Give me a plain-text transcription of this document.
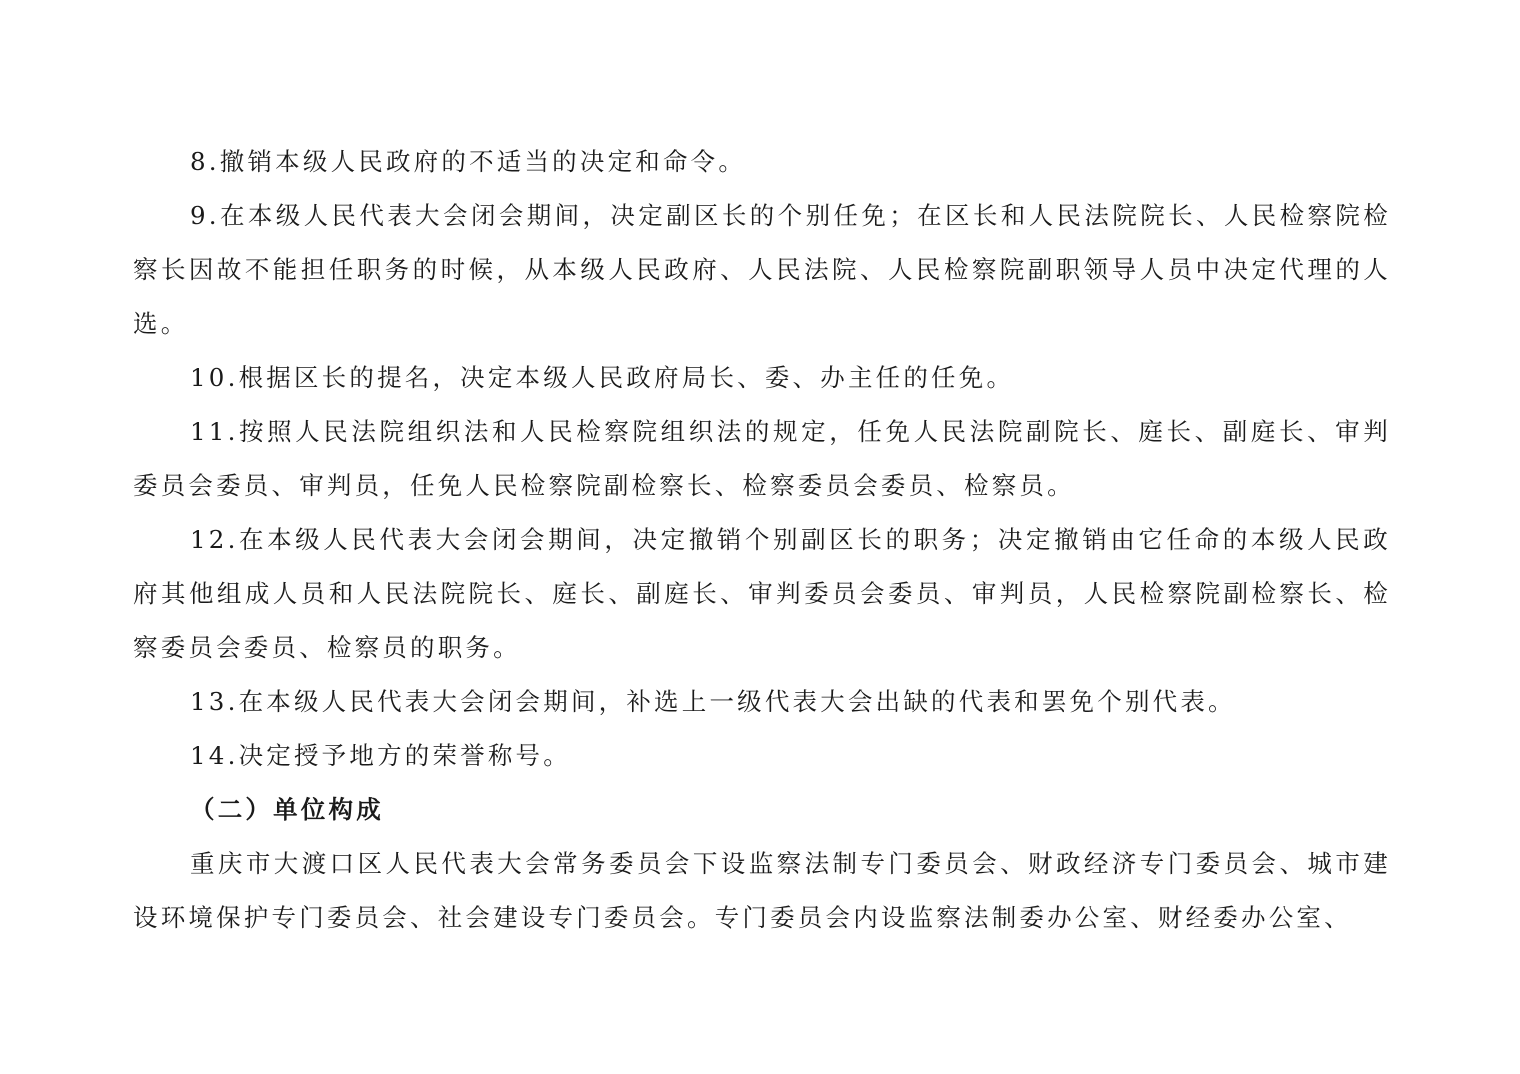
8.撤销本级人民政府的不适当的决定和命令。

9.在本级人民代表大会闭会期间，决定副区长的个别任免；在区长和人民法院院长、人民检察院检察长因故不能担任职务的时候，从本级人民政府、人民法院、人民检察院副职领导人员中决定代理的人选。

10.根据区长的提名，决定本级人民政府局长、委、办主任的任免。

11.按照人民法院组织法和人民检察院组织法的规定，任免人民法院副院长、庭长、副庭长、审判委员会委员、审判员，任免人民检察院副检察长、检察委员会委员、检察员。

12.在本级人民代表大会闭会期间，决定撤销个别副区长的职务；决定撤销由它任命的本级人民政府其他组成人员和人民法院院长、庭长、副庭长、审判委员会委员、审判员，人民检察院副检察长、检察委员会委员、检察员的职务。

13.在本级人民代表大会闭会期间，补选上一级代表大会出缺的代表和罢免个别代表。

14.决定授予地方的荣誉称号。

（二）单位构成

重庆市大渡口区人民代表大会常务委员会下设监察法制专门委员会、财政经济专门委员会、城市建设环境保护专门委员会、社会建设专门委员会。专门委员会内设监察法制委办公室、财经委办公室、
